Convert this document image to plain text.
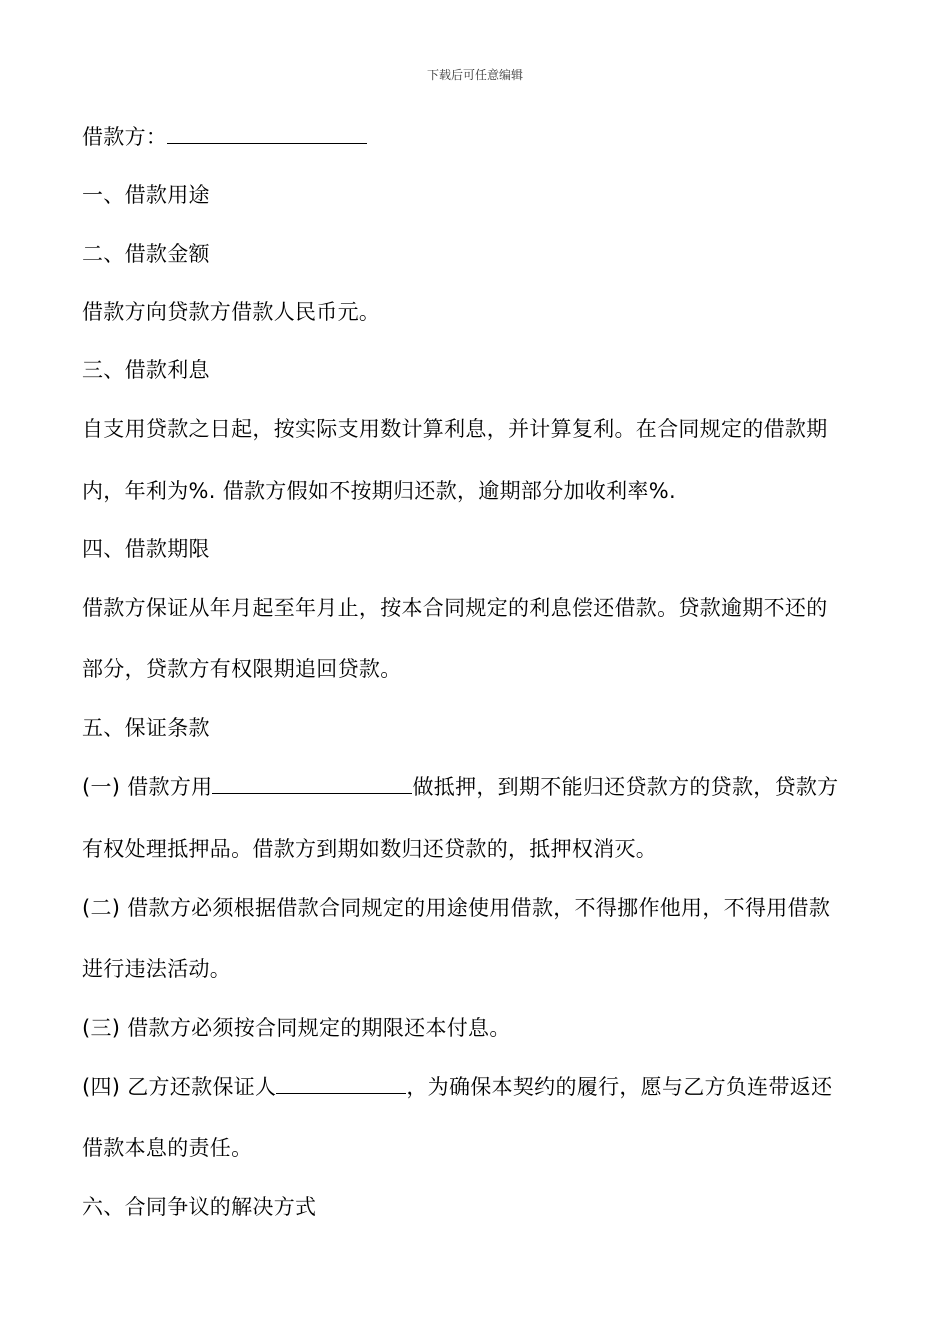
下载后可任意编辑
借款方：
一、借款用途
二、借款金额
借款方向贷款方借款人民币元。
三、借款利息
自支用贷款之日起，按实际支用数计算利息，并计算复利。在合同规定的借款期
内，年利为%. 借款方假如不按期归还款，逾期部分加收利率%.
四、借款期限
借款方保证从年月起至年月止，按本合同规定的利息偿还借款。贷款逾期不还的
部分，贷款方有权限期追回贷款。
五、保证条款
(一) 借款方用	做抵押，到期不能归还贷款方的贷款，贷款方
有权处理抵押品。借款方到期如数归还贷款的，抵押权消灭。
(二) 借款方必须根据借款合同规定的用途使用借款，不得挪作他用，不得用借款
进行违法活动。
(三) 借款方必须按合同规定的期限还本付息。
(四) 乙方还款保证人	，为确保本契约的履行，愿与乙方负连带返还
借款本息的责任。
六、合同争议的解决方式
